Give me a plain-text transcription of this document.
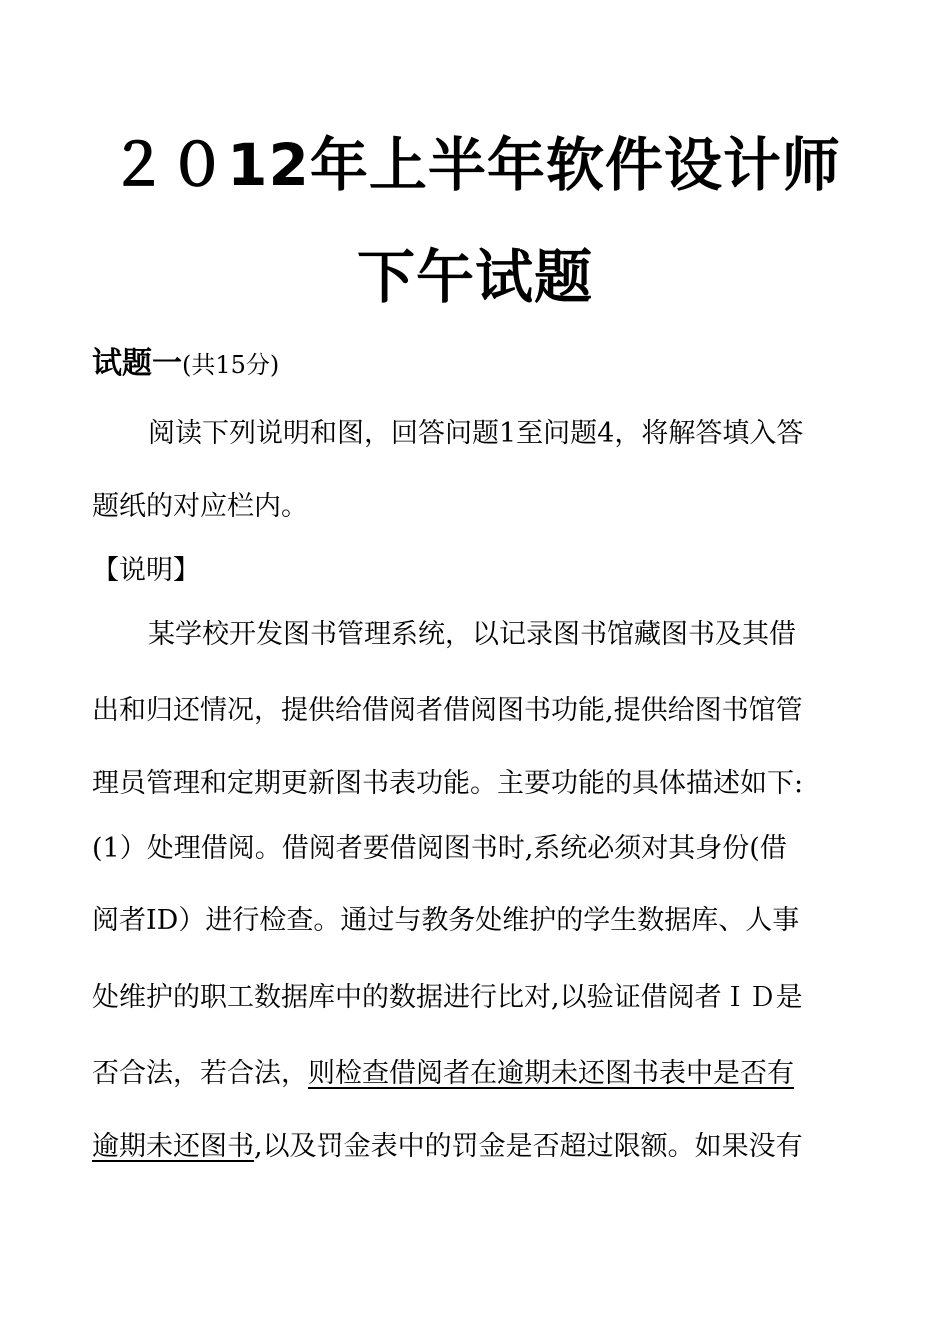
２０12年上半年软件设计师
下午试题
试题一(共15分)
阅读下列说明和图，回答问题1至问题4，将解答填入答
题纸的对应栏内。
【说明】
某学校开发图书管理系统，以记录图书馆藏图书及其借
出和归还情况，提供给借阅者借阅图书功能,提供给图书馆管
理员管理和定期更新图书表功能。主要功能的具体描述如下:
(1）处理借阅。借阅者要借阅图书时,系统必须对其身份(借
阅者ID）进行检查。通过与教务处维护的学生数据库、人事
处维护的职工数据库中的数据进行比对,以验证借阅者ＩＤ是
否合法，若合法，则检查借阅者在逾期未还图书表中是否有
逾期未还图书,以及罚金表中的罚金是否超过限额。如果没有
